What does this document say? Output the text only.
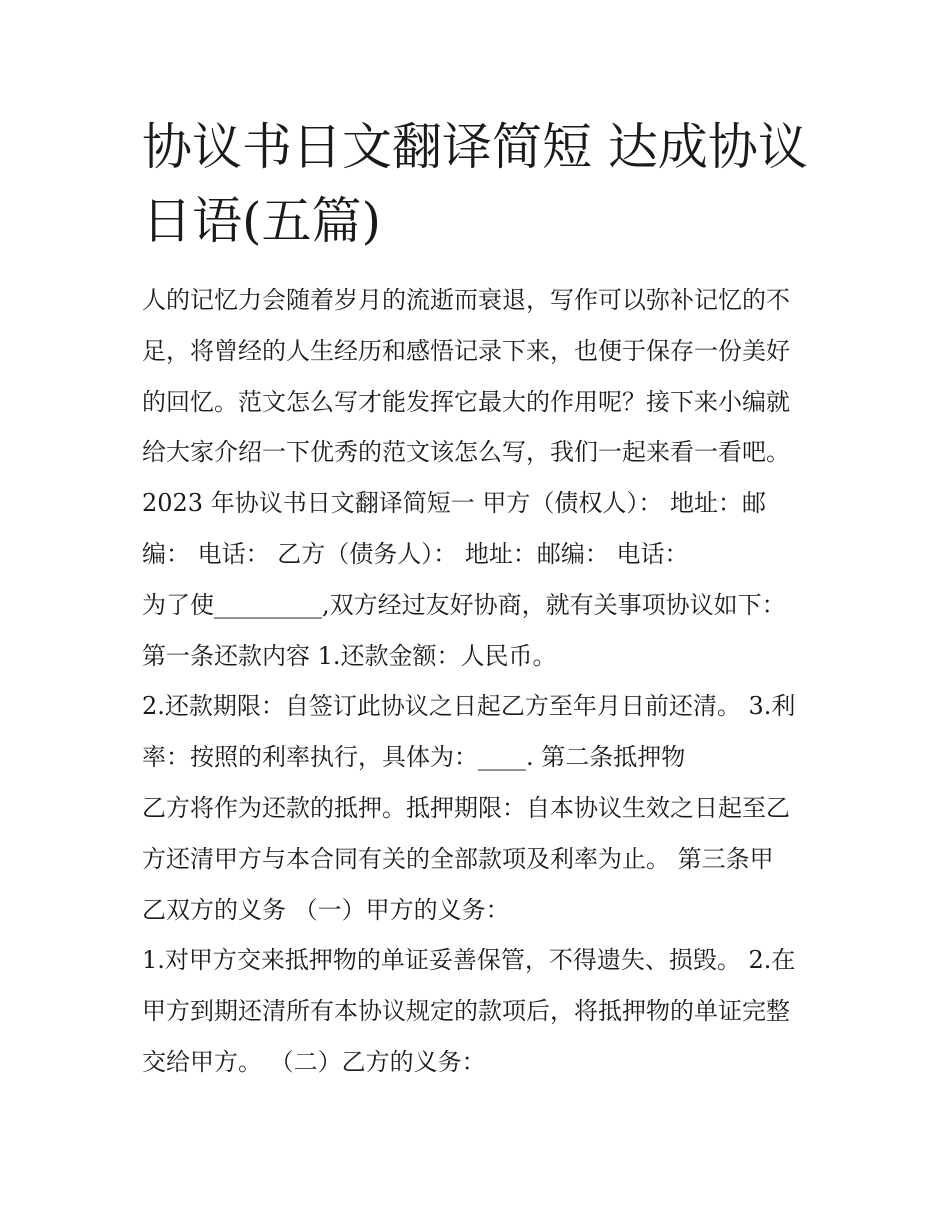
协议书日文翻译简短 达成协议
日语(五篇)
人的记忆力会随着岁月的流逝而衰退，写作可以弥补记忆的不
足，将曾经的人生经历和感悟记录下来，也便于保存一份美好
的回忆。范文怎么写才能发挥它最大的作用呢？接下来小编就
给大家介绍一下优秀的范文该怎么写，我们一起来看一看吧。
2023 年协议书日文翻译简短一 甲方（债权人）： 地址：邮
编： 电话： 乙方（债务人）： 地址：邮编： 电话：
为了使_________,双方经过友好协商，就有关事项协议如下：
第一条还款内容 1.还款金额：人民币。
2.还款期限：自签订此协议之日起乙方至年月日前还清。 3.利
率：按照的利率执行，具体为：____. 第二条抵押物
乙方将作为还款的抵押。抵押期限：自本协议生效之日起至乙
方还清甲方与本合同有关的全部款项及利率为止。 第三条甲
乙双方的义务 （一）甲方的义务：
1.对甲方交来抵押物的单证妥善保管，不得遗失、损毁。 2.在
甲方到期还清所有本协议规定的款项后，将抵押物的单证完整
交给甲方。 （二）乙方的义务：
